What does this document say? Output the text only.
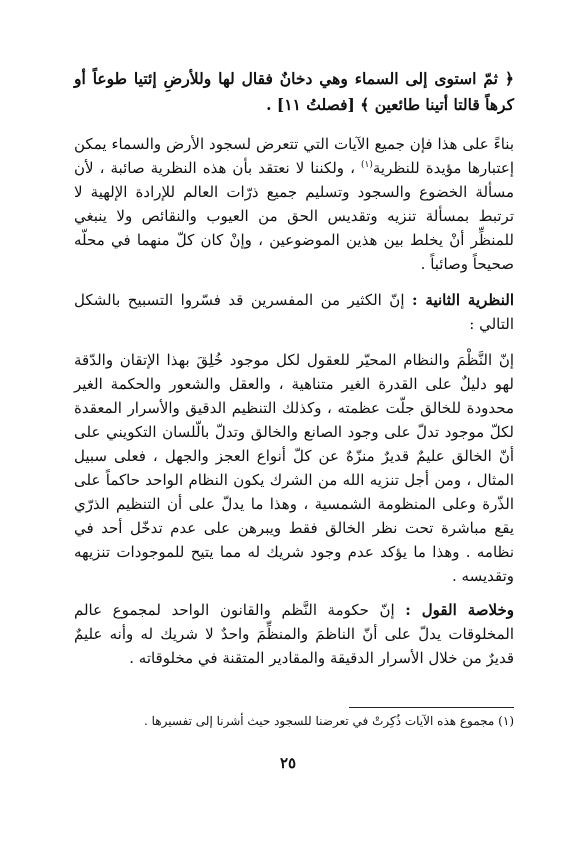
﴿ ثمّ استوى إلى السماء وهي دخانٌ فقال لها وللأرضِ إئتيا طوعاً أو كرهاً قالتا أتينا طائعين ﴾ [فصلتُ ١١] .

بناءً على هذا فإن جميع الآيات التي تتعرض لسجود الأرض والسماء يمكن إعتبارها مؤيدة للنظرية$^{(١)}$ ، ولكننا لا نعتقد بأن هذه النظرية صائبة ، لأن مسألة الخضوع والسجود وتسليم جميع ذرّات العالم للإرادة الإلهية لا ترتبط بمسألة تنزيه وتقديس الحق من العيوب والنقائص ولا ينبغي للمنظِّر أنْ يخلط بين هذين الموضوعين ، وإنْ كان كلّ منهما في محلّه صحيحاً وصائباً .

النظرية الثانية : إنّ الكثير من المفسرين قد فسّروا التسبيح بالشكل التالي :

إنّ النَّظْمَ والنظام المحيّر للعقول لكل موجود خُلِقَ بهذا الإتقان والدّقة لهو دليلٌ على القدرة الغير متناهية ، والعقل والشعور والحكمة الغير محدودة للخالق جلّت عظمته ، وكذلك التنظيم الدقيق والأسرار المعقدة لكلّ موجود تدلّ على وجود الصانع والخالق وتدلّ بالّلسان التكويني على أنّ الخالق عليمٌ قديرٌ منزّهٌ عن كلّ أنواع العجز والجهل ، فعلى سبيل المثال ، ومن أجل تنزيه الله من الشرك يكون النظام الواحد حاكماً على الذّرة وعلى المنظومة الشمسية ، وهذا ما يدلّ على أن التنظيم الذرّي يقع مباشرة تحت نظر الخالق فقط ويبرهن على عدم تدخّل أحد في نظامه . وهذا ما يؤكد عدم وجود شريك له مما يتيح للموجودات تنزيهه وتقديسه .

وخلاصة القول : إنّ حكومة النَّظم والقانون الواحد لمجموع عالم المخلوقات يدلّ على أنّ الناظمَ والمنظِّمَ واحدٌ لا شريك له وأنه عليمٌ قديرٌ من خلال الأسرار الدقيقة والمقادير المتقنة في مخلوقاته .

(١) مجموع هذه الآيات ذُكِرتْ في تعرضنا للسجود حيث أشرنا إلى تفسيرها .
٢٥
